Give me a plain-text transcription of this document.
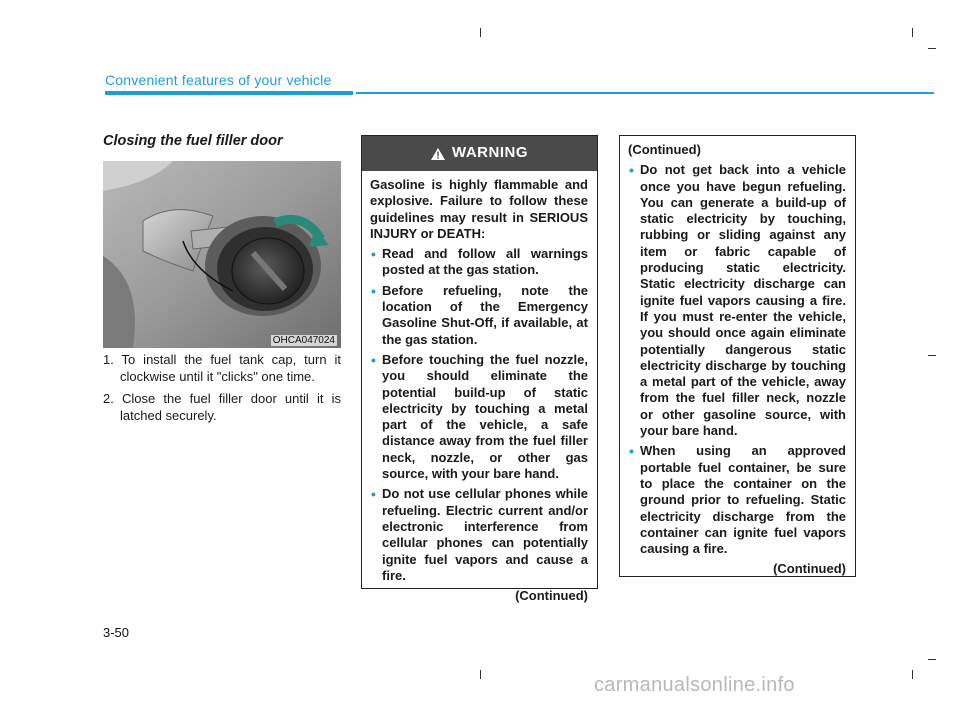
Convenient features of your vehicle
Closing the fuel filler door
OHCA047024
1. To install the fuel tank cap, turn it clockwise until it "clicks" one time.
2. Close the fuel filler door until it is latched securely.
WARNING

Gasoline is highly flammable and explosive. Failure to follow these guidelines may result in SERIOUS INJURY or DEATH:

• Read and follow all warnings posted at the gas station.
• Before refueling, note the location of the Emergency Gasoline Shut-Off, if available, at the gas station.
• Before touching the fuel nozzle, you should eliminate the potential build-up of static electricity by touching a metal part of the vehicle, a safe distance away from the fuel filler neck, nozzle, or other gas source, with your bare hand.
• Do not use cellular phones while refueling. Electric current and/or electronic interference from cellular phones can potentially ignite fuel vapors and cause a fire.
(Continued)

(Continued)

• Do not get back into a vehicle once you have begun refueling. You can generate a build-up of static electricity by touching, rubbing or sliding against any item or fabric capable of producing static electricity. Static electricity discharge can ignite fuel vapors causing a fire. If you must re-enter the vehicle, you should once again eliminate potentially dangerous static electricity discharge by touching a metal part of the vehicle, away from the fuel filler neck, nozzle or other gasoline source, with your bare hand.
• When using an approved portable fuel container, be sure to place the container on the ground prior to refueling. Static electricity discharge from the container can ignite fuel vapors causing a fire.
(Continued)
3-50
carmanualsonline.info
